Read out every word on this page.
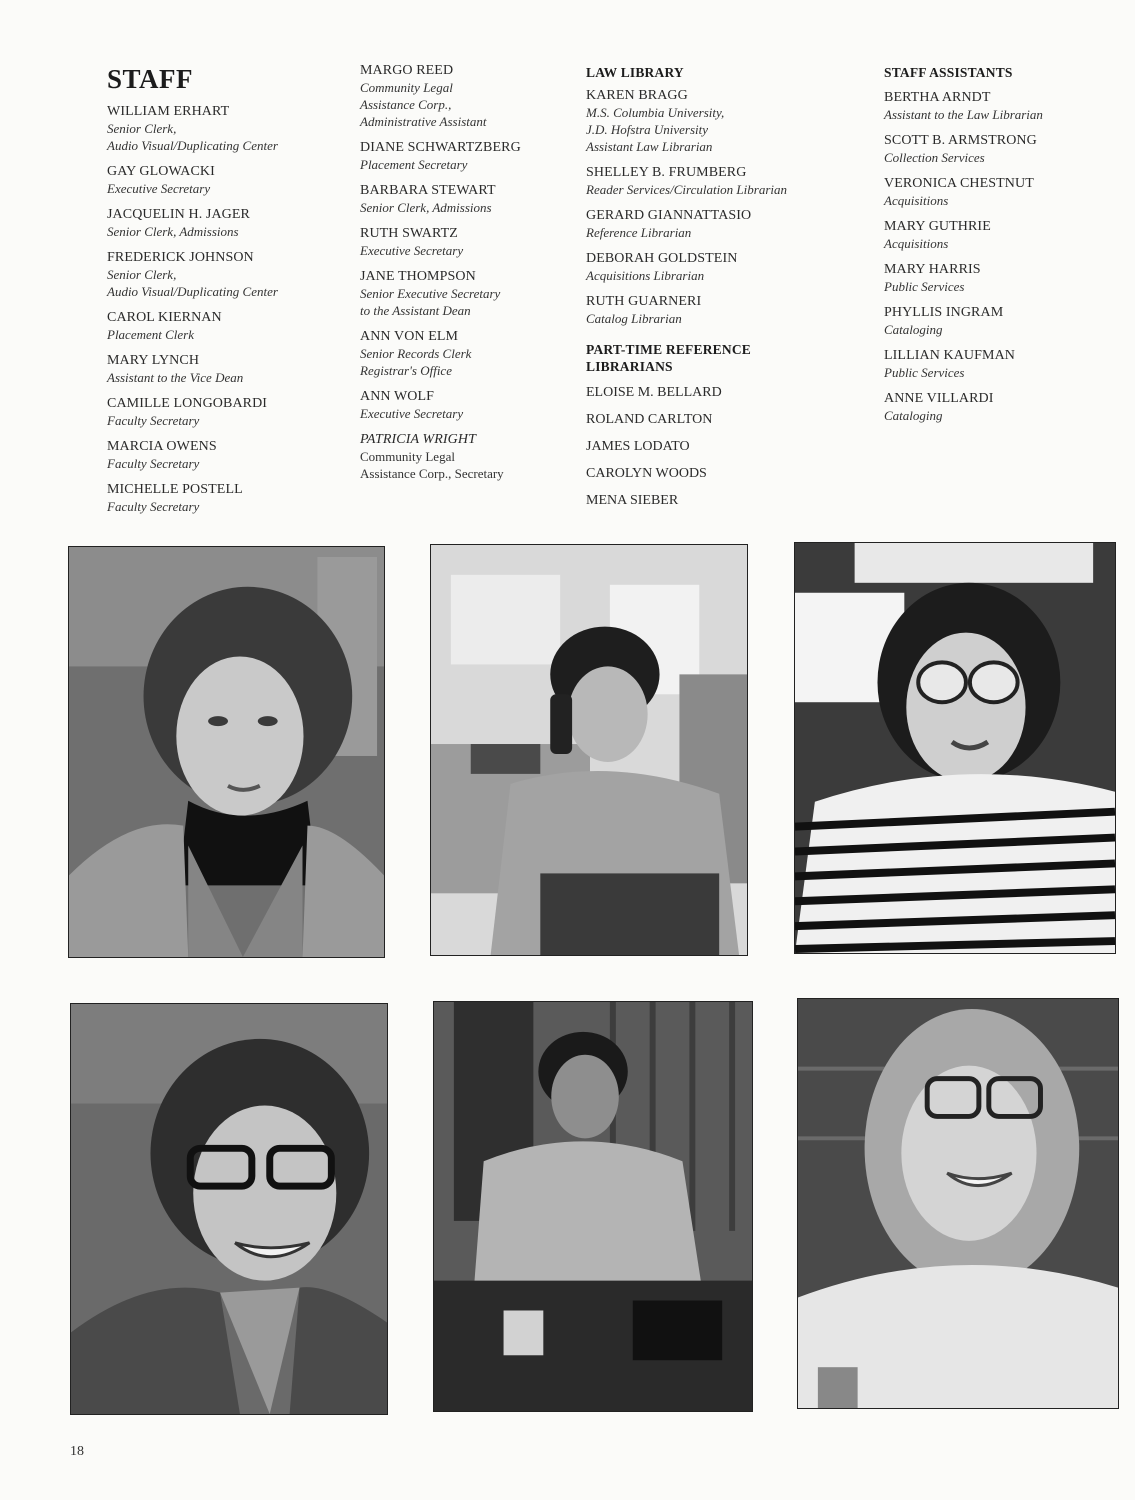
STAFF
WILLIAM ERHART
Senior Clerk,
Audio Visual/Duplicating Center
GAY GLOWACKI
Executive Secretary
JACQUELIN H. JAGER
Senior Clerk, Admissions
FREDERICK JOHNSON
Senior Clerk,
Audio Visual/Duplicating Center
CAROL KIERNAN
Placement Clerk
MARY LYNCH
Assistant to the Vice Dean
CAMILLE LONGOBARDI
Faculty Secretary
MARCIA OWENS
Faculty Secretary
MICHELLE POSTELL
Faculty Secretary
MARGO REED
Community Legal
Assistance Corp.,
Administrative Assistant
DIANE SCHWARTZBERG
Placement Secretary
BARBARA STEWART
Senior Clerk, Admissions
RUTH SWARTZ
Executive Secretary
JANE THOMPSON
Senior Executive Secretary
to the Assistant Dean
ANN VON ELM
Senior Records Clerk
Registrar's Office
ANN WOLF
Executive Secretary
PATRICIA WRIGHT
Community Legal
Assistance Corp., Secretary
LAW LIBRARY
KAREN BRAGG
M.S. Columbia University,
J.D. Hofstra University
Assistant Law Librarian
SHELLEY B. FRUMBERG
Reader Services/Circulation Librarian
GERARD GIANNATTASIO
Reference Librarian
DEBORAH GOLDSTEIN
Acquisitions Librarian
RUTH GUARNERI
Catalog Librarian
PART-TIME REFERENCE
LIBRARIANS
ELOISE M. BELLARD
ROLAND CARLTON
JAMES LODATO
CAROLYN WOODS
MENA SIEBER
STAFF ASSISTANTS
BERTHA ARNDT
Assistant to the Law Librarian
SCOTT B. ARMSTRONG
Collection Services
VERONICA CHESTNUT
Acquisitions
MARY GUTHRIE
Acquisitions
MARY HARRIS
Public Services
PHYLLIS INGRAM
Cataloging
LILLIAN KAUFMAN
Public Services
ANNE VILLARDI
Cataloging
18
